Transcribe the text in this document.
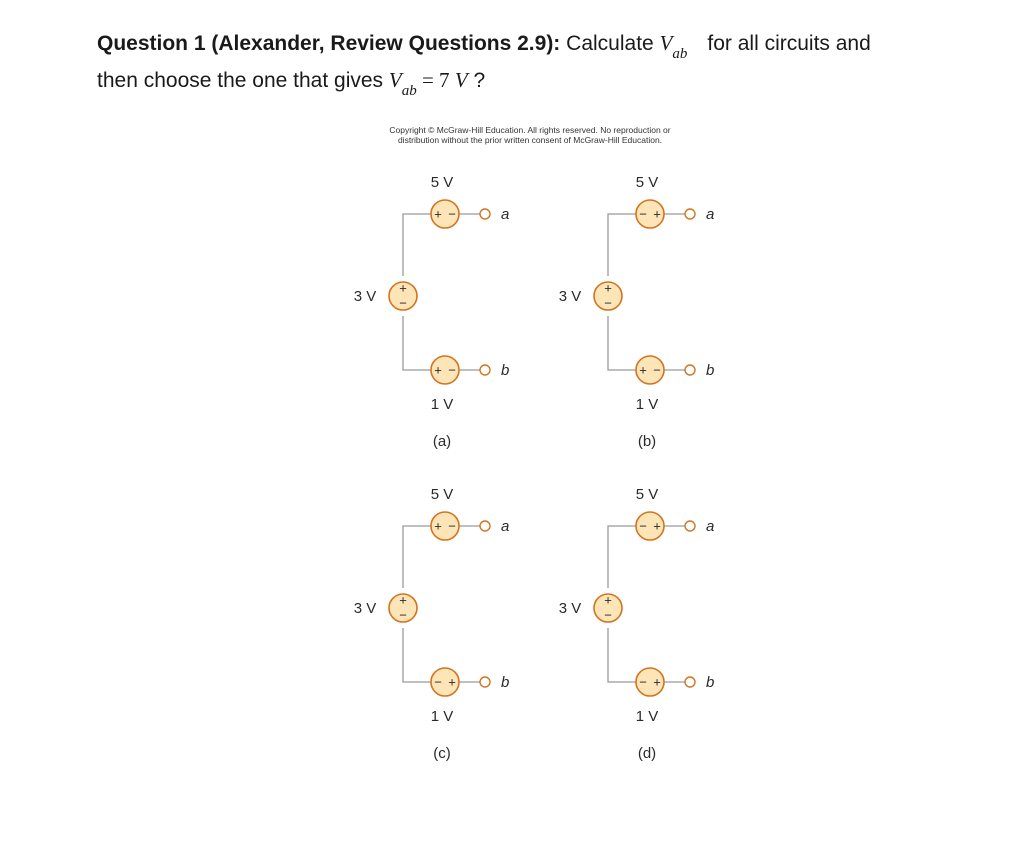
Question 1 (Alexander, Review Questions 2.9): Calculate $V_{ab}$ for all circuits and
then choose the one that gives $V_{ab} = 7$ V ?
Copyright © McGraw-Hill Education. All rights reserved. No reproduction or
distribution without the prior written consent of McGraw-Hill Education.
+ −
5 V
+
−
3 V
+ −
1 V
a
b
(a)
− +
5 V
+
−
3 V
+ −
1 V
a
b
(b)
+ −
5 V
+
−
3 V
− +
1 V
a
b
(c)
− +
5 V
+
−
3 V
− +
1 V
a
b
(d)
